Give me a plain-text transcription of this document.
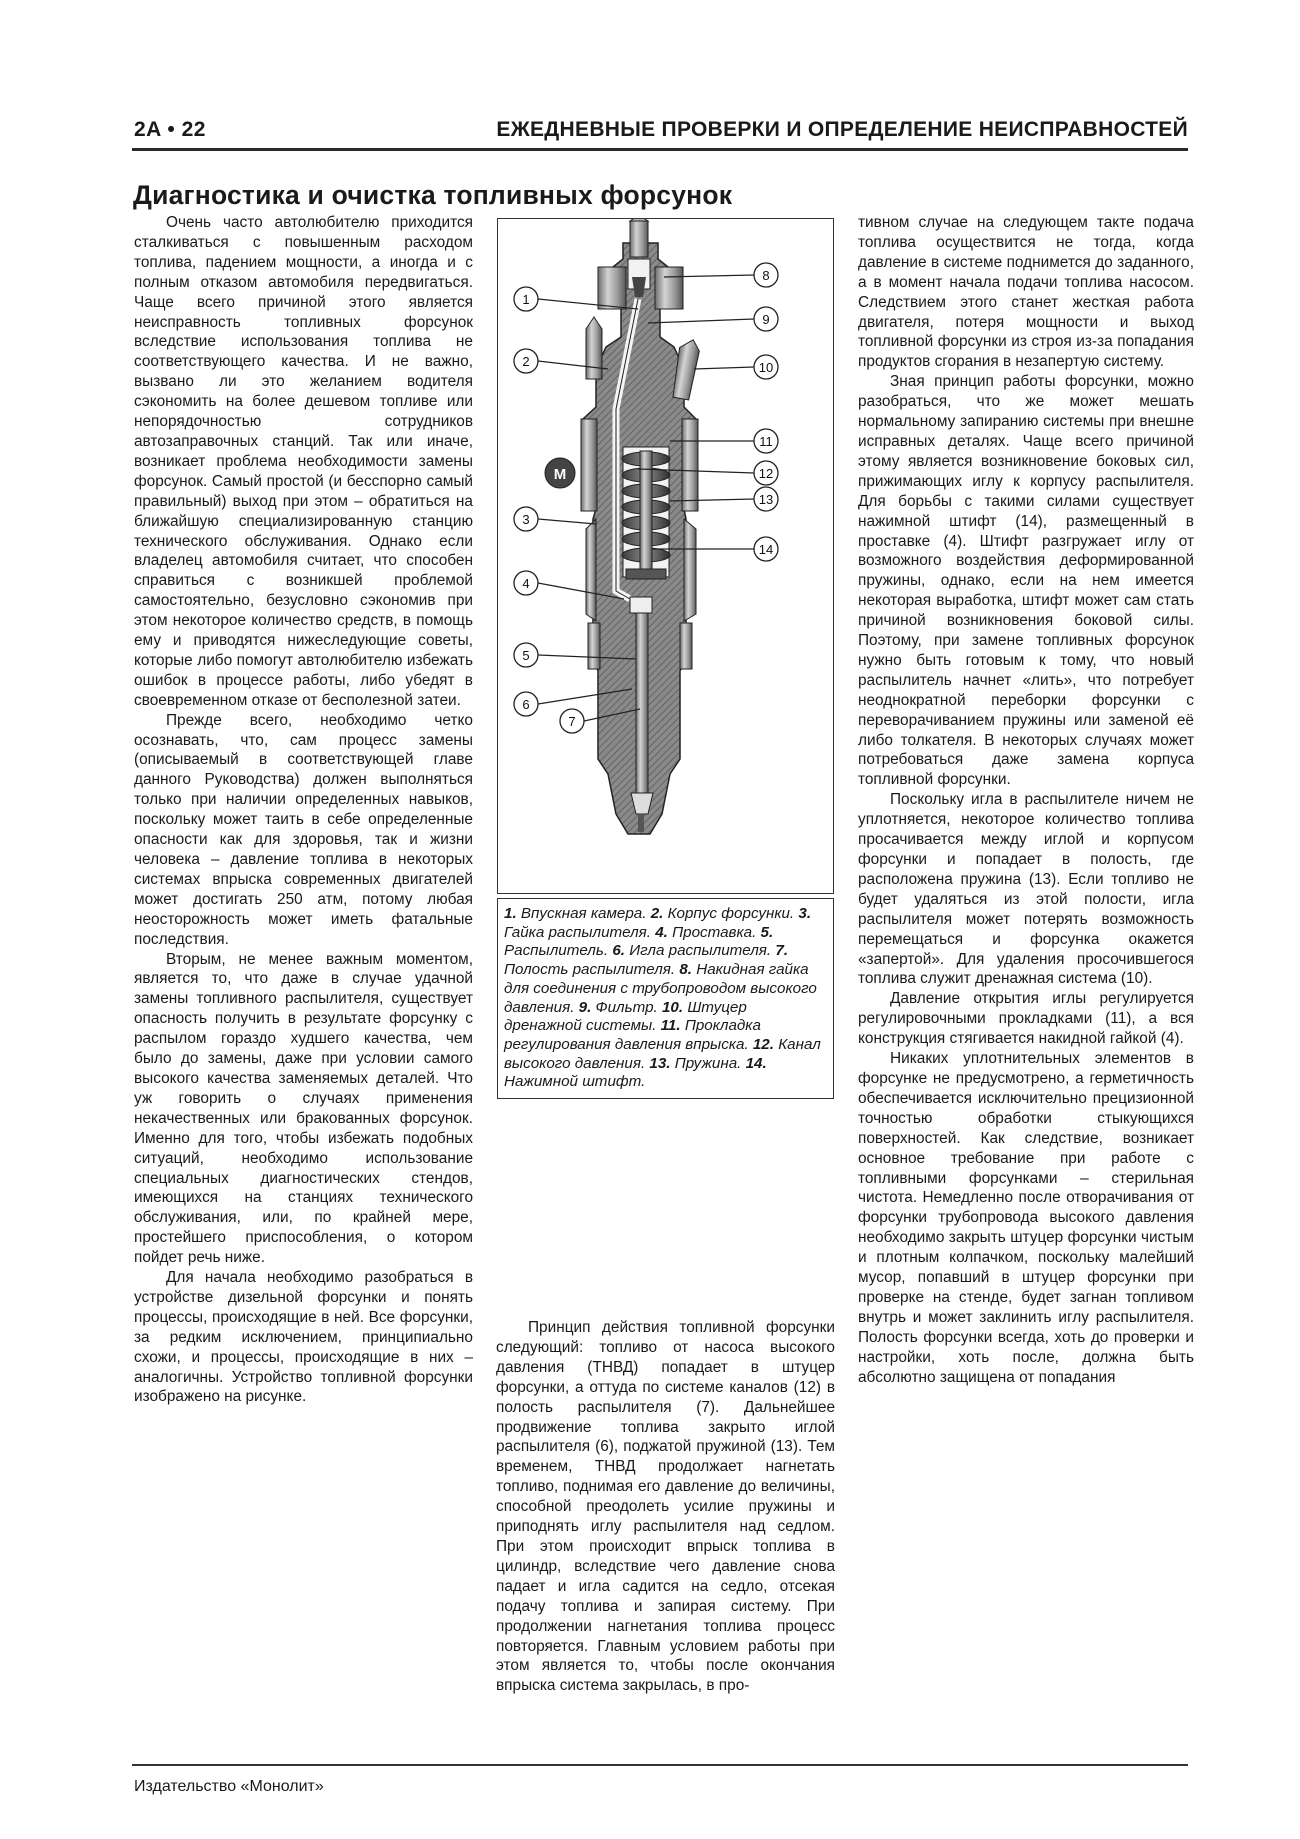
2A • 22	ЕЖЕДНЕВНЫЕ ПРОВЕРКИ И ОПРЕДЕЛЕНИЕ НЕИСПРАВНОСТЕЙ
Диагностика и очистка топливных форсунок

Очень часто автолюбителю приходится сталкиваться с повышенным расходом топлива, падением мощности, а иногда и с полным отказом автомобиля передвигаться. Чаще всего причиной этого является неисправность топливных форсунок вследствие использования топлива не соответствующего качества. И не важно, вызвано ли это желанием водителя сэкономить на более дешевом топливе или непорядочностью сотрудников автозаправочных станций. Так или иначе, возникает проблема необходимости замены форсунок. Самый простой (и бесспорно самый правильный) выход при этом – обратиться на ближайшую специализированную станцию технического обслуживания. Однако если владелец автомобиля считает, что способен справиться с возникшей проблемой самостоятельно, безусловно сэкономив при этом некоторое количество средств, в помощь ему и приводятся нижеследующие советы, которые либо помогут автолюбителю избежать ошибок в процессе работы, либо убедят в своевременном отказе от бесполезной затеи.

Прежде всего, необходимо четко осознавать, что, сам процесс замены (описываемый в соответствующей главе данного Руководства) должен выполняться только при наличии определенных навыков, поскольку может таить в себе определенные опасности как для здоровья, так и жизни человека – давление топлива в некоторых системах впрыска современных двигателей может достигать 250 атм, потому любая неосторожность может иметь фатальные последствия.

Вторым, не менее важным моментом, является то, что даже в случае удачной замены топливного распылителя, существует опасность получить в результате форсунку с распылом гораздо худшего качества, чем было до замены, даже при условии самого высокого качества заменяемых деталей. Что уж говорить о случаях применения некачественных или бракованных форсунок. Именно для того, чтобы избежать подобных ситуаций, необходимо использование специальных диагностических стендов, имеющихся на станциях технического обслуживания, или, по крайней мере, простейшего приспособления, о котором пойдет речь ниже.

Для начала необходимо разобраться в устройстве дизельной форсунки и понять процессы, происходящие в ней. Все форсунки, за редким исключением, принципиально схожи, и процессы, происходящие в них – аналогичны. Устройство топливной форсунки изображено на рисунке.

1
2
3
4
5
6
7
8
9
10
11
12
13
14
М
1. Впускная камера. 2. Корпус форсунки. 3. Гайка распылителя. 4. Проставка. 5. Распылитель. 6. Игла распылителя. 7. Полость распылителя. 8. Накидная гайка для соединения с трубопроводом высокого давления. 9. Фильтр. 10. Штуцер дренажной системы. 11. Прокладка регулирования давления впрыска. 12. Канал высокого давления. 13. Пружина. 14. Нажимной штифт.

Принцип действия топливной форсунки следующий: топливо от насоса высокого давления (ТНВД) попадает в штуцер форсунки, а оттуда по системе каналов (12) в полость распылителя (7). Дальнейшее продвижение топлива закрыто иглой распылителя (6), поджатой пружиной (13). Тем временем, ТНВД продолжает нагнетать топливо, поднимая его давление до величины, способной преодолеть усилие пружины и приподнять иглу распылителя над седлом. При этом происходит впрыск топлива в цилиндр, вследствие чего давление снова падает и игла садится на седло, отсекая подачу топлива и запирая систему. При продолжении нагнетания топлива процесс повторяется. Главным условием работы при этом является то, чтобы после окончания впрыска система закрылась, в про-

тивном случае на следующем такте подача топлива осуществится не тогда, когда давление в системе поднимется до заданного, а в момент начала подачи топлива насосом. Следствием этого станет жесткая работа двигателя, потеря мощности и выход топливной форсунки из строя из-за попадания продуктов сгорания в незапертую систему.

Зная принцип работы форсунки, можно разобраться, что же может мешать нормальному запиранию системы при внешне исправных деталях. Чаще всего причиной этому является возникновение боковых сил, прижимающих иглу к корпусу распылителя. Для борьбы с такими силами существует нажимной штифт (14), размещенный в проставке (4). Штифт разгружает иглу от возможного воздействия деформированной пружины, однако, если на нем имеется некоторая выработка, штифт может сам стать причиной возникновения боковой силы. Поэтому, при замене топливных форсунок нужно быть готовым к тому, что новый распылитель начнет «лить», что потребует неоднократной переборки форсунки с переворачиванием пружины или заменой её либо толкателя. В некоторых случаях может потребоваться даже замена корпуса топливной форсунки.

Поскольку игла в распылителе ничем не уплотняется, некоторое количество топлива просачивается между иглой и корпусом форсунки и попадает в полость, где расположена пружина (13). Если топливо не будет удаляться из этой полости, игла распылителя может потерять возможность перемещаться и форсунка окажется «запертой». Для удаления просочившегося топлива служит дренажная система (10).

Давление открытия иглы регулируется регулировочными прокладками (11), а вся конструкция стягивается накидной гайкой (4).

Никаких уплотнительных элементов в форсунке не предусмотрено, а герметичность обеспечивается исключительно прецизионной точностью обработки стыкующихся поверхностей. Как следствие, возникает основное требование при работе с топливными форсунками – стерильная чистота. Немедленно после отворачивания от форсунки трубопровода высокого давления необходимо закрыть штуцер форсунки чистым и плотным колпачком, поскольку малейший мусор, попавший в штуцер форсунки при проверке на стенде, будет загнан топливом внутрь и может заклинить иглу распылителя. Полость форсунки всегда, хоть до проверки и настройки, хоть после, должна быть абсолютно защищена от попадания

Издательство «Монолит»
